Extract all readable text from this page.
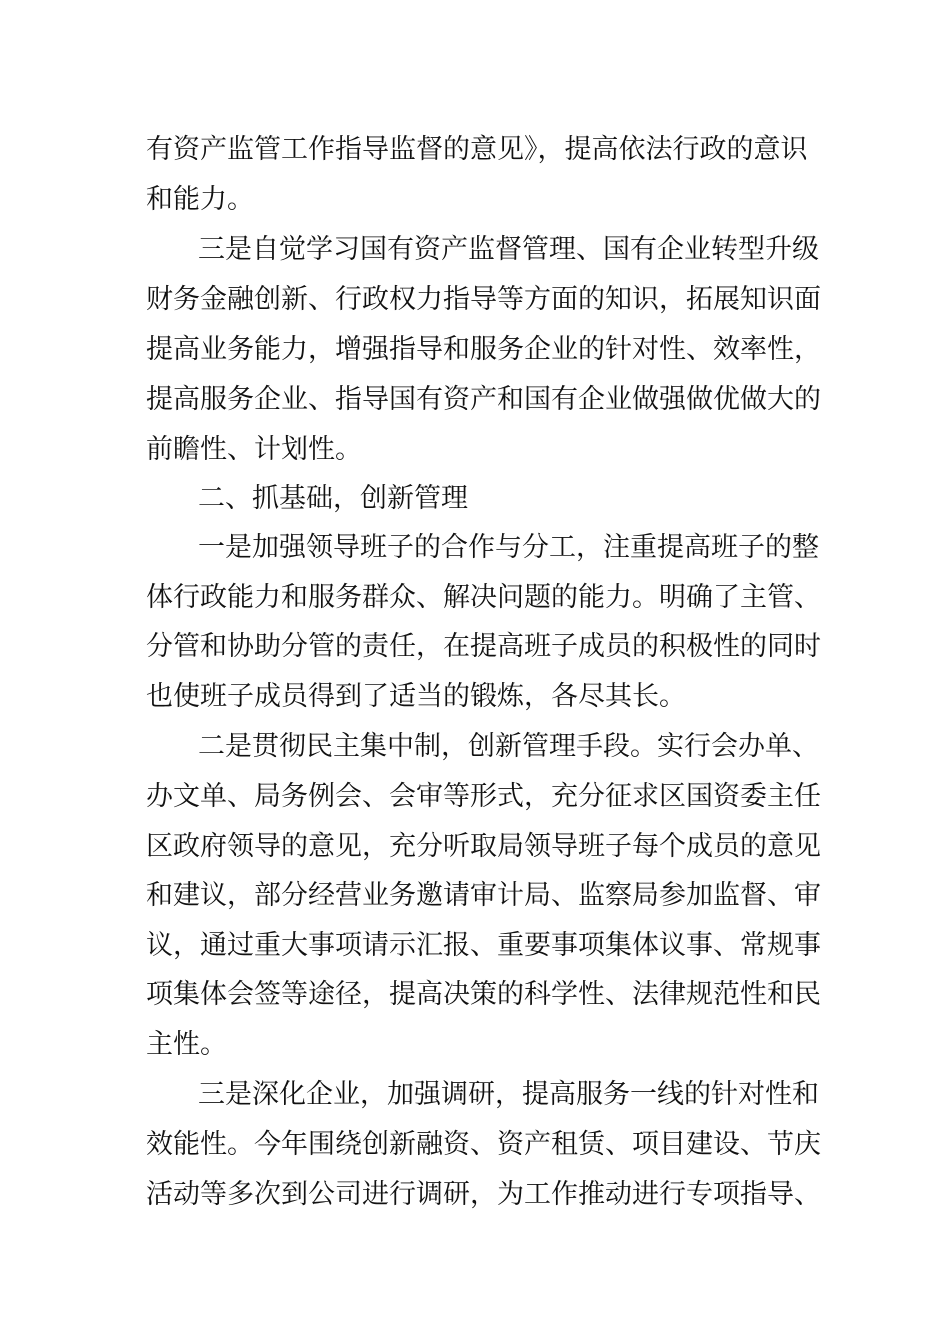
有资产监管工作指导监督的意见》，提高依法行政的意识

和能力。

三是自觉学习国有资产监督管理、国有企业转型升级

财务金融创新、行政权力指导等方面的知识，拓展知识面

提高业务能力，增强指导和服务企业的针对性、效率性，

提高服务企业、指导国有资产和国有企业做强做优做大的

前瞻性、计划性。

二、抓基础，创新管理

一是加强领导班子的合作与分工，注重提高班子的整

体行政能力和服务群众、解决问题的能力。明确了主管、

分管和协助分管的责任，在提高班子成员的积极性的同时

也使班子成员得到了适当的锻炼，各尽其长。

二是贯彻民主集中制，创新管理手段。实行会办单、

办文单、局务例会、会审等形式，充分征求区国资委主任

区政府领导的意见，充分听取局领导班子每个成员的意见

和建议，部分经营业务邀请审计局、监察局参加监督、审

议，通过重大事项请示汇报、重要事项集体议事、常规事

项集体会签等途径，提高决策的科学性、法律规范性和民

主性。

三是深化企业，加强调研，提高服务一线的针对性和

效能性。今年围绕创新融资、资产租赁、项目建设、节庆

活动等多次到公司进行调研，为工作推动进行专项指导、
